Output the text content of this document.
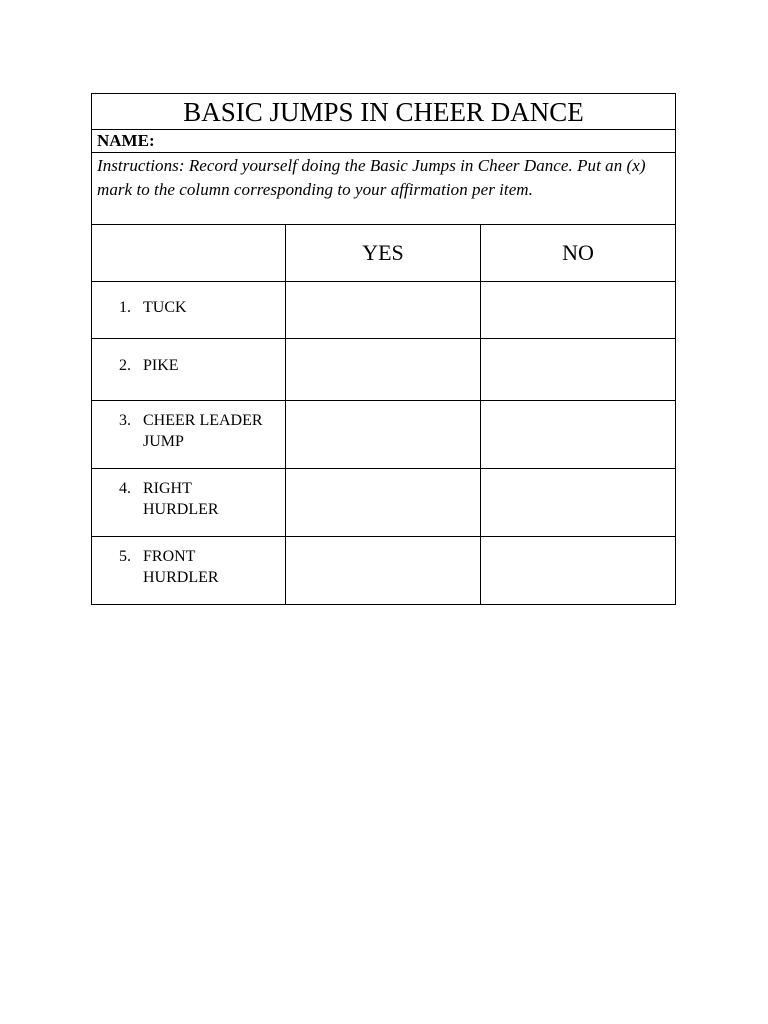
BASIC JUMPS IN CHEER DANCE		
NAME:		
Instructions: Record yourself doing the Basic Jumps in Cheer Dance. Put an (x) mark to the column corresponding to your affirmation per item.		
	YES	NO

1. TUCK		

2. PIKE		

3. CHEER LEADER JUMP		

4. RIGHT HURDLER		

5. FRONT HURDLER		
